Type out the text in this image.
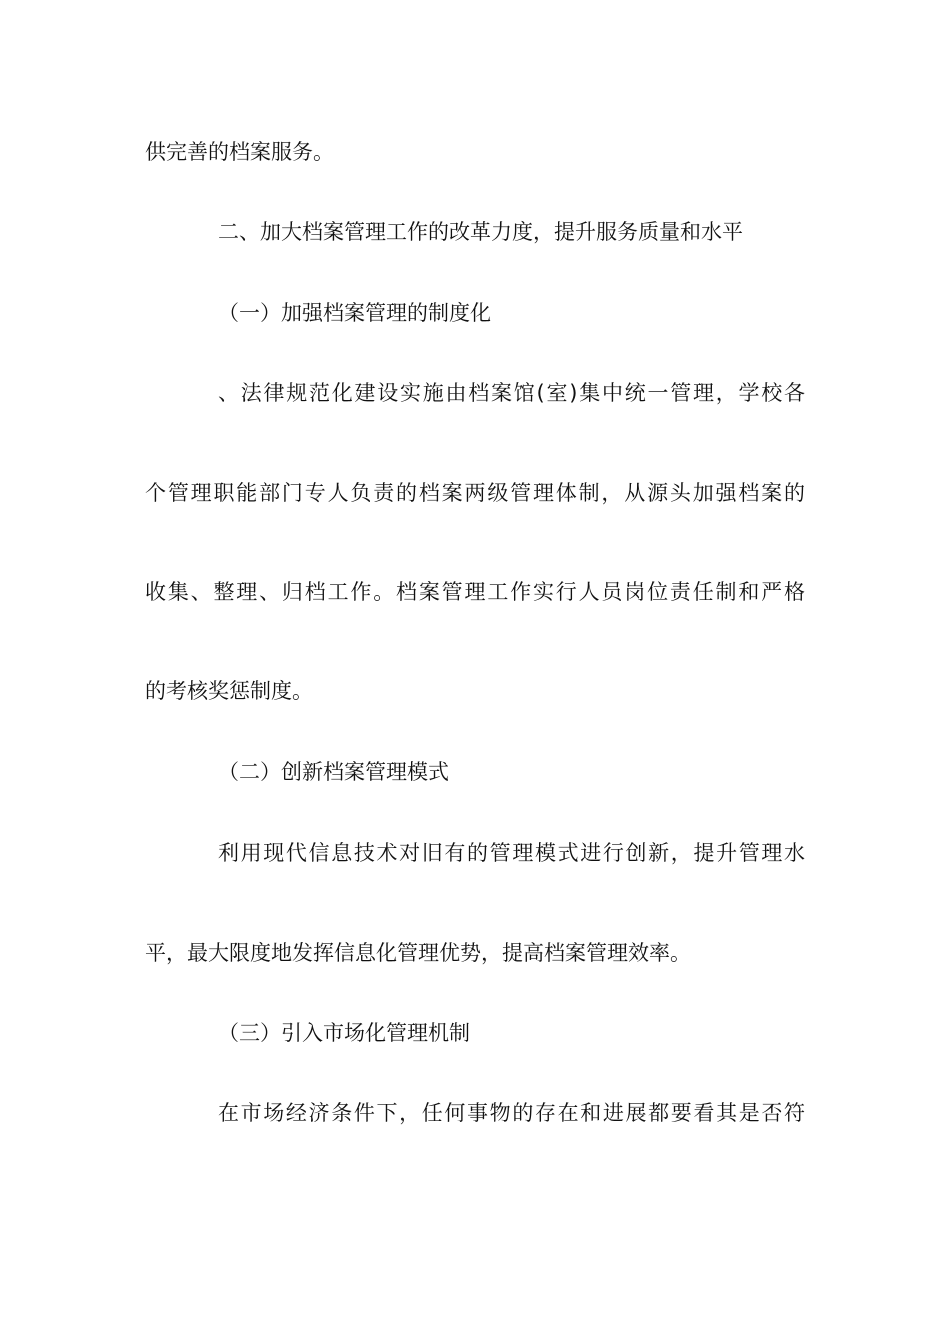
供完善的档案服务。
二、加大档案管理工作的改革力度，提升服务质量和水平
（一）加强档案管理的制度化
、法律规范化建设实施由档案馆(室)集中统一管理，学校各
个管理职能部门专人负责的档案两级管理体制，从源头加强档案的
收集、整理、归档工作。档案管理工作实行人员岗位责任制和严格
的考核奖惩制度。
（二）创新档案管理模式
利用现代信息技术对旧有的管理模式进行创新，提升管理水
平，最大限度地发挥信息化管理优势，提高档案管理效率。
（三）引入市场化管理机制
在市场经济条件下，任何事物的存在和进展都要看其是否符
